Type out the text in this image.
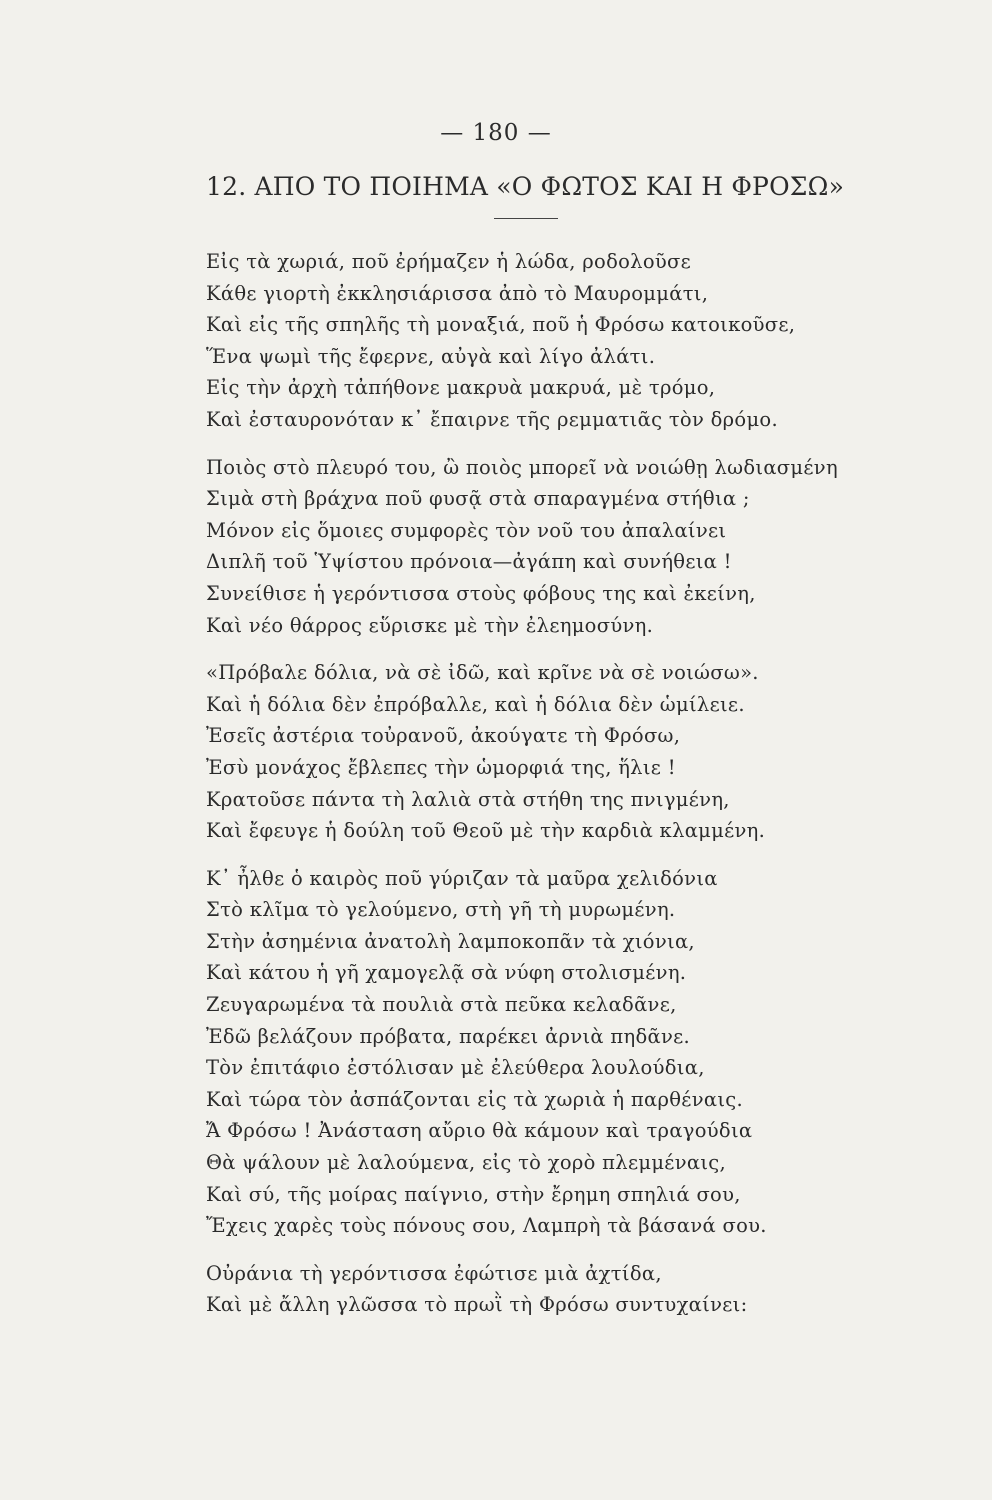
— 180 —
12. ΑΠΟ ΤΟ ΠΟΙΗΜΑ «Ο ΦΩΤΟΣ ΚΑΙ Η ΦΡΟΣΩ»
Εἰς τὰ χωριά, ποῦ ἐρήμαζεν ἡ λώδα, ροδολοῦσε
Κάθε γιορτὴ ἐκκλησιάρισσα ἀπὸ τὸ Μαυρομμάτι,
Καὶ εἰς τῆς σπηλῆς τὴ μοναξιά, ποῦ ἡ Φρόσω κατοικοῦσε,
Ἕνα ψωμὶ τῆς ἔφερνε, αὐγὰ καὶ λίγο ἀλάτι.
Εἰς τὴν ἀρχὴ τἀπήθονε μακρυὰ μακρυά, μὲ τρόμο,
Καὶ ἐσταυρονόταν κ᾽ ἔπαιρνε τῆς ρεμματιᾶς τὸν δρόμο.
Ποιὸς στὸ πλευρό του, ὢ ποιὸς μπορεῖ νὰ νοιώθῃ λωδιασμένη
Σιμὰ στὴ βράχνα ποῦ φυσᾷ στὰ σπαραγμένα στήθια ;
Μόνον εἰς ὅμοιες συμφορὲς τὸν νοῦ του ἀπαλαίνει
Διπλῆ τοῦ Ὑψίστου πρόνοια—ἀγάπη καὶ συνήθεια !
Συνείθισε ἡ γερόντισσα στοὺς φόβους της καὶ ἐκείνη,
Καὶ νέο θάρρος εὕρισκε μὲ τὴν ἐλεημοσύνη.
«Πρόβαλε δόλια, νὰ σὲ ἰδῶ, καὶ κρῖνε νὰ σὲ νοιώσω».
Καὶ ἡ δόλια δὲν ἐπρόβαλλε, καὶ ἡ δόλια δὲν ὡμίλειε.
Ἐσεῖς ἀστέρια τοὐρανοῦ, ἀκούγατε τὴ Φρόσω,
Ἐσὺ μονάχος ἔβλεπες τὴν ὡμορφιά της, ἥλιε !
Κρατοῦσε πάντα τὴ λαλιὰ στὰ στήθη της πνιγμένη,
Καὶ ἔφευγε ἡ δούλη τοῦ Θεοῦ μὲ τὴν καρδιὰ κλαμμένη.
Κ᾽ ἦλθε ὁ καιρὸς ποῦ γύριζαν τὰ μαῦρα χελιδόνια
Στὸ κλῖμα τὸ γελούμενο, στὴ γῆ τὴ μυρωμένη.
Στὴν ἀσημένια ἀνατολὴ λαμποκοπᾶν τὰ χιόνια,
Καὶ κάτου ἡ γῆ χαμογελᾷ σὰ νύφη στολισμένη.
Ζευγαρωμένα τὰ πουλιὰ στὰ πεῦκα κελαδᾶνε,
Ἐδῶ βελάζουν πρόβατα, παρέκει ἀρνιὰ πηδᾶνε.
Τὸν ἐπιτάφιο ἐστόλισαν μὲ ἐλεύθερα λουλούδια,
Καὶ τώρα τὸν ἀσπάζονται εἰς τὰ χωριὰ ἡ παρθέναις.
Ἄ Φρόσω ! Ἀνάσταση αὔριο θὰ κάμουν καὶ τραγούδια
Θὰ ψάλουν μὲ λαλούμενα, εἰς τὸ χορὸ πλεμμέναις,
Καὶ σύ, τῆς μοίρας παίγνιο, στὴν ἔρημη σπηλιά σου,
Ἔχεις χαρὲς τοὺς πόνους σου, Λαμπρὴ τὰ βάσανά σου.
Οὐράνια τὴ γερόντισσα ἐφώτισε μιὰ ἀχτίδα,
Καὶ μὲ ἄλλη γλῶσσα τὸ πρωῒ τὴ Φρόσω συντυχαίνει:
